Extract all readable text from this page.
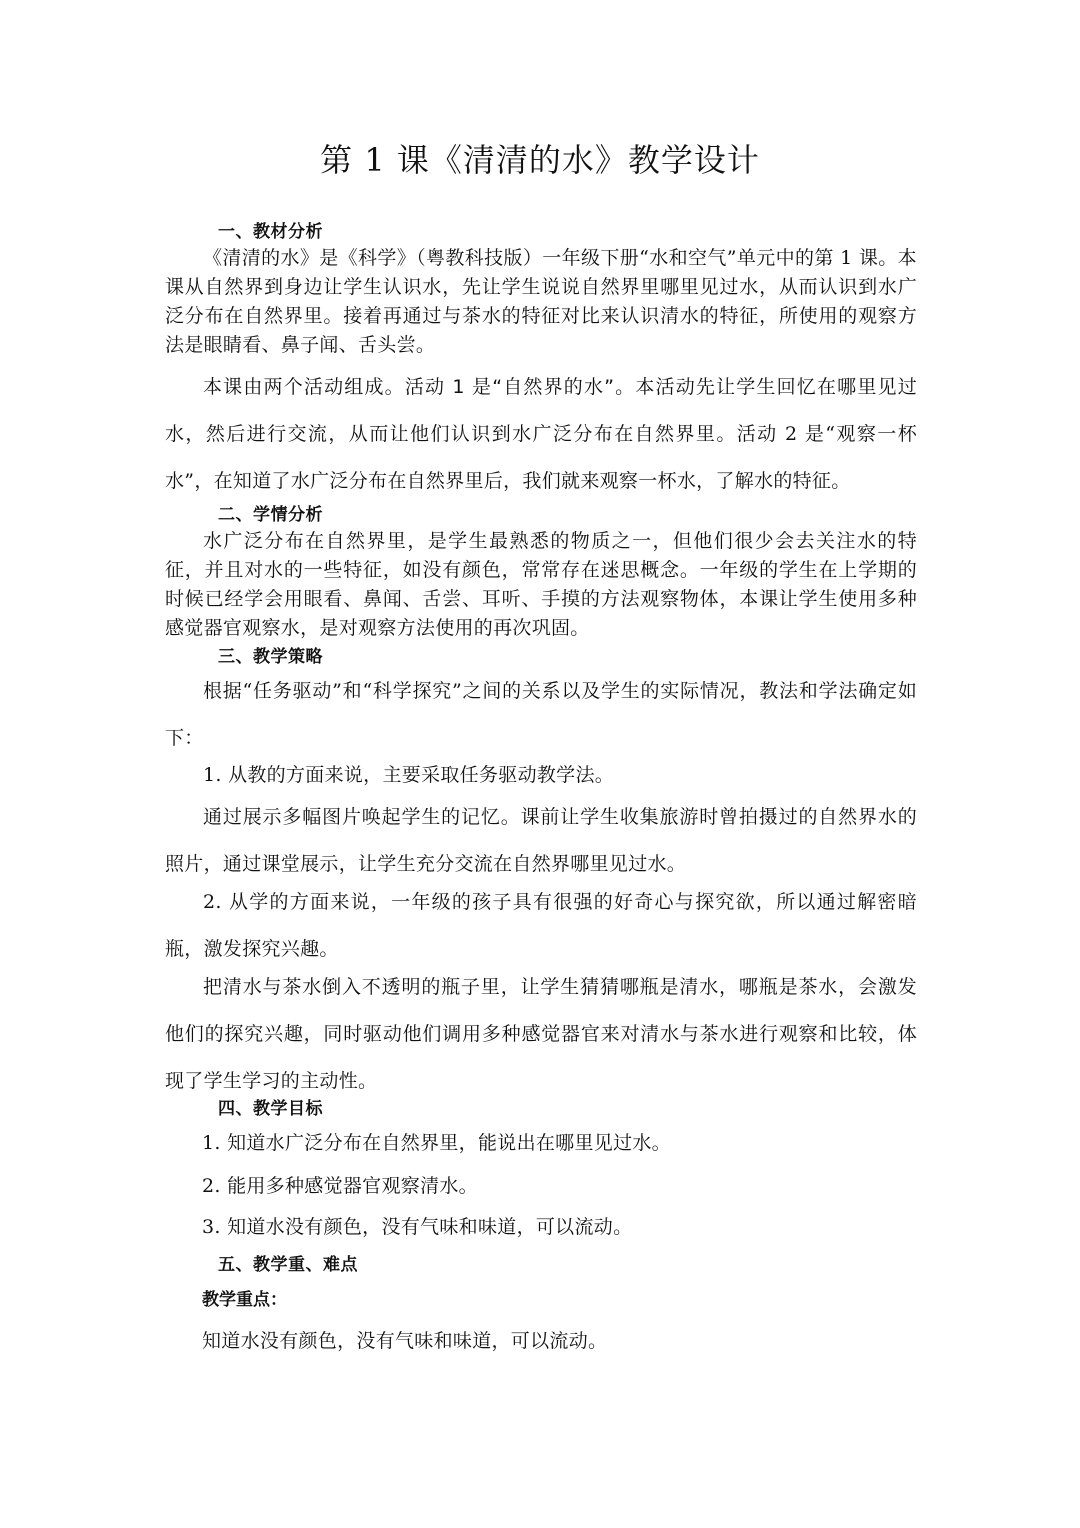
第 1 课《清清的水》教学设计
一、教材分析
《清清的水》是《科学》（粤教科技版）一年级下册“水和空气”单元中的第 1 课。本课从自然界到身边让学生认识水，先让学生说说自然界里哪里见过水，从而认识到水广泛分布在自然界里。接着再通过与茶水的特征对比来认识清水的特征，所使用的观察方法是眼睛看、鼻子闻、舌头尝。
本课由两个活动组成。活动 1 是“自然界的水”。本活动先让学生回忆在哪里见过水，然后进行交流，从而让他们认识到水广泛分布在自然界里。活动 2 是“观察一杯水”，在知道了水广泛分布在自然界里后，我们就来观察一杯水，了解水的特征。
二、学情分析
水广泛分布在自然界里，是学生最熟悉的物质之一，但他们很少会去关注水的特征，并且对水的一些特征，如没有颜色，常常存在迷思概念。一年级的学生在上学期的时候已经学会用眼看、鼻闻、舌尝、耳听、手摸的方法观察物体，本课让学生使用多种感觉器官观察水，是对观察方法使用的再次巩固。
三、教学策略
根据“任务驱动”和“科学探究”之间的关系以及学生的实际情况，教法和学法确定如下：
1. 从教的方面来说，主要采取任务驱动教学法。
通过展示多幅图片唤起学生的记忆。课前让学生收集旅游时曾拍摄过的自然界水的照片，通过课堂展示，让学生充分交流在自然界哪里见过水。
2. 从学的方面来说，一年级的孩子具有很强的好奇心与探究欲，所以通过解密暗瓶，激发探究兴趣。
把清水与茶水倒入不透明的瓶子里，让学生猜猜哪瓶是清水，哪瓶是茶水，会激发他们的探究兴趣，同时驱动他们调用多种感觉器官来对清水与茶水进行观察和比较，体现了学生学习的主动性。
四、教学目标
1. 知道水广泛分布在自然界里，能说出在哪里见过水。
2. 能用多种感觉器官观察清水。
3. 知道水没有颜色，没有气味和味道，可以流动。
五、教学重、难点
教学重点：
知道水没有颜色，没有气味和味道，可以流动。
